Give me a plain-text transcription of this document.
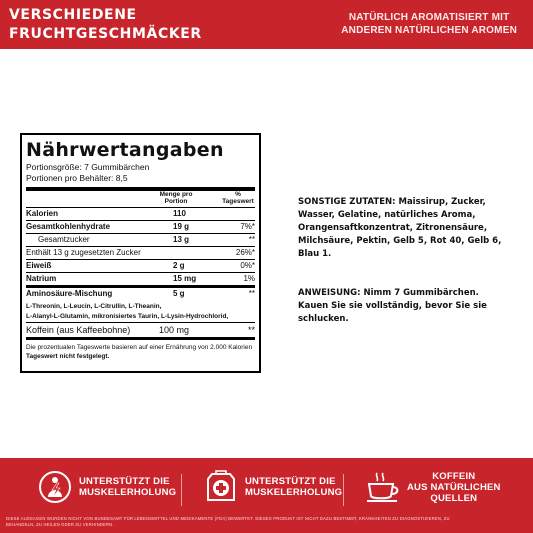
VERSCHIEDENE
FRUCHTGESCHMÄCKER
NATÜRLICH AROMATISIERT MIT
ANDEREN NATÜRLICHEN AROMEN
Nährwertangaben
Portionsgröße: 7 Gummibärchen
Portionen pro Behälter: 8,5
Menge pro
Portion
%
Tageswert
Kalorien	110
Gesamtkohlenhydrate	19 g	7%*
Gesamtzucker	13 g	**
Enthält 13 g zugesetzten Zucker	26%*
Eiweiß	2 g	0%*
Natrium	15 mg	1%
Aminosäure-Mischung	5 g	**
L-Threonin, L-Leucin, L-Citrullin, L-Theanin,
L-Alanyl-L-Glutamin, mikronisiertes Taurin, L-Lysin-Hydrochlorid,
Koffein (aus Kaffeebohne)	100 mg	**
Die prozentualen Tageswerte basieren auf einer Ernährung von 2.000 Kalorien
Tageswert nicht festgelegt.
SONSTIGE ZUTATEN: Maissirup, Zucker, Wasser, Gelatine, natürliches Aroma, Orangensaftkonzentrat, Zitronensäure, Milchsäure, Pektin, Gelb 5, Rot 40, Gelb 6, Blau 1.
ANWEISUNG: Nimm 7 Gummibärchen. Kauen Sie sie vollständig, bevor Sie sie schlucken.
UNTERSTÜTZT DIE
MUSKELERHOLUNG
UNTERSTÜTZT DIE
MUSKELERHOLUNG
KOFFEIN
AUS NATÜRLICHEN
QUELLEN
DIESE AUSSAGEN WURDEN NICHT VON BUNDESAMT FÜR LEBENSMITTEL UND MEDIKAMENTE (FDA) BEWERTET. DIESES PRODUKT IST NICHT DAZU BESTIMMT, KRANKHEITEN ZU DIAGNOSTIZIEREN, ZU
BEHANDELN, ZU HEILEN ODER ZU VERHINDERN.
